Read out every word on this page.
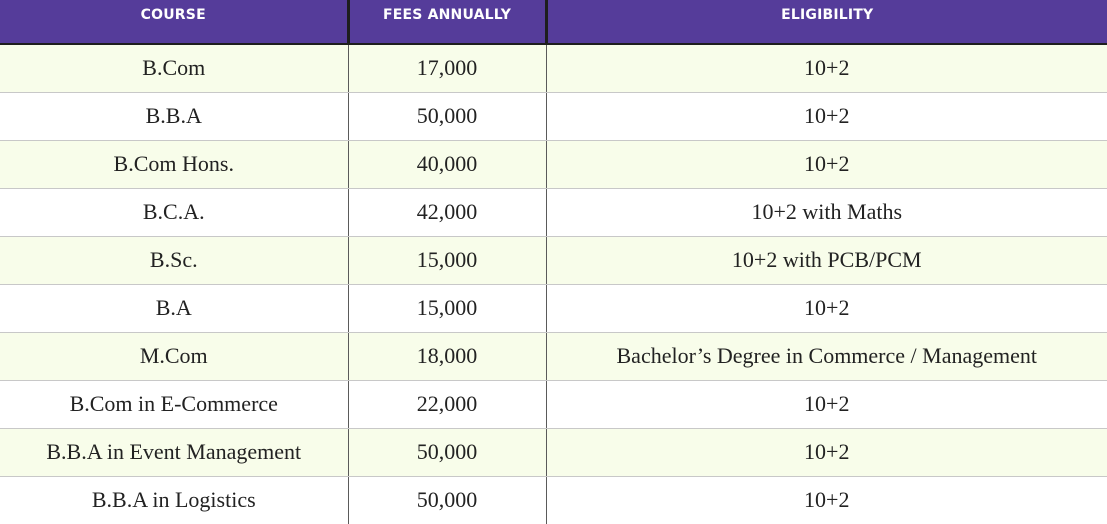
COURSE	FEES ANNUALLY	ELIGIBILITY
B.Com	17,000	10+2
B.B.A	50,000	10+2
B.Com Hons.	40,000	10+2
B.C.A.	42,000	10+2 with Maths
B.Sc.	15,000	10+2 with PCB/PCM
B.A	15,000	10+2
M.Com	18,000	Bachelor’s Degree in Commerce / Management
B.Com in E-Commerce	22,000	10+2
B.B.A in Event Management	50,000	10+2
B.B.A in Logistics	50,000	10+2
